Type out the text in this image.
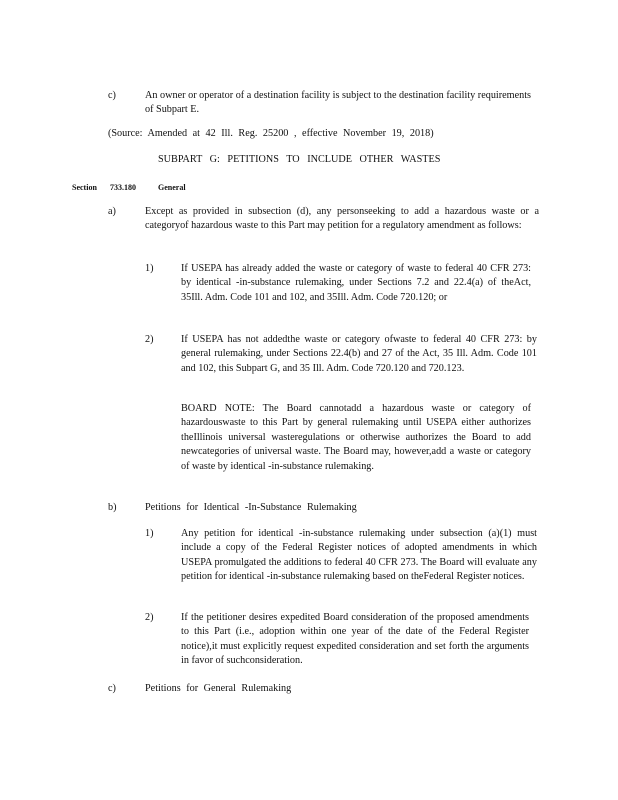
c)	An owner or operator of a destination facility is subject to the destination facility requirements of Subpart E.
(Source: Amended at 42 Ill. Reg. 25200 , effective November 19, 2018)
SUBPART G: PETITIONS TO INCLUDE OTHER WASTES
Section 733.180	General
a)	Except as provided in subsection (d), any personseeking to add a hazardous waste or a categoryof hazardous waste to this Part may petition for a regulatory amendment as follows:
1)	If USEPA has already added the waste or category of waste to federal 40 CFR 273: by identical -in-substance rulemaking, under Sections 7.2 and 22.4(a) of theAct, 35Ill. Adm. Code 101 and 102, and 35Ill. Adm. Code 720.120; or
2)	If USEPA has not addedthe waste or category ofwaste to federal 40 CFR 273: by general rulemaking, under Sections 22.4(b) and 27 of the Act, 35 Ill. Adm. Code 101 and 102, this Subpart G, and 35 Ill. Adm. Code 720.120 and 720.123.
BOARD NOTE: The Board cannotadd a hazardous waste or category of hazardouswaste to this Part by general rulemaking until USEPA either authorizes theIllinois universal wasteregulations or otherwise authorizes the Board to add newcategories of universal waste. The Board may, however,add a waste or category of waste by identical -in-substance rulemaking.
b)	Petitions for Identical -In-Substance Rulemaking
1)	Any petition for identical -in-substance rulemaking under subsection (a)(1) must include a copy of the Federal Register notices of adopted amendments in which USEPA promulgated the additions to federal 40 CFR 273. The Board will evaluate any petition for identical -in-substance rulemaking based on theFederal Register notices.
2)	If the petitioner desires expedited Board consideration of the proposed amendments to this Part (i.e., adoption within one year of the date of the Federal Register notice),it must explicitly request expedited consideration and set forth the arguments in favor of suchconsideration.
c)	Petitions for General Rulemaking
